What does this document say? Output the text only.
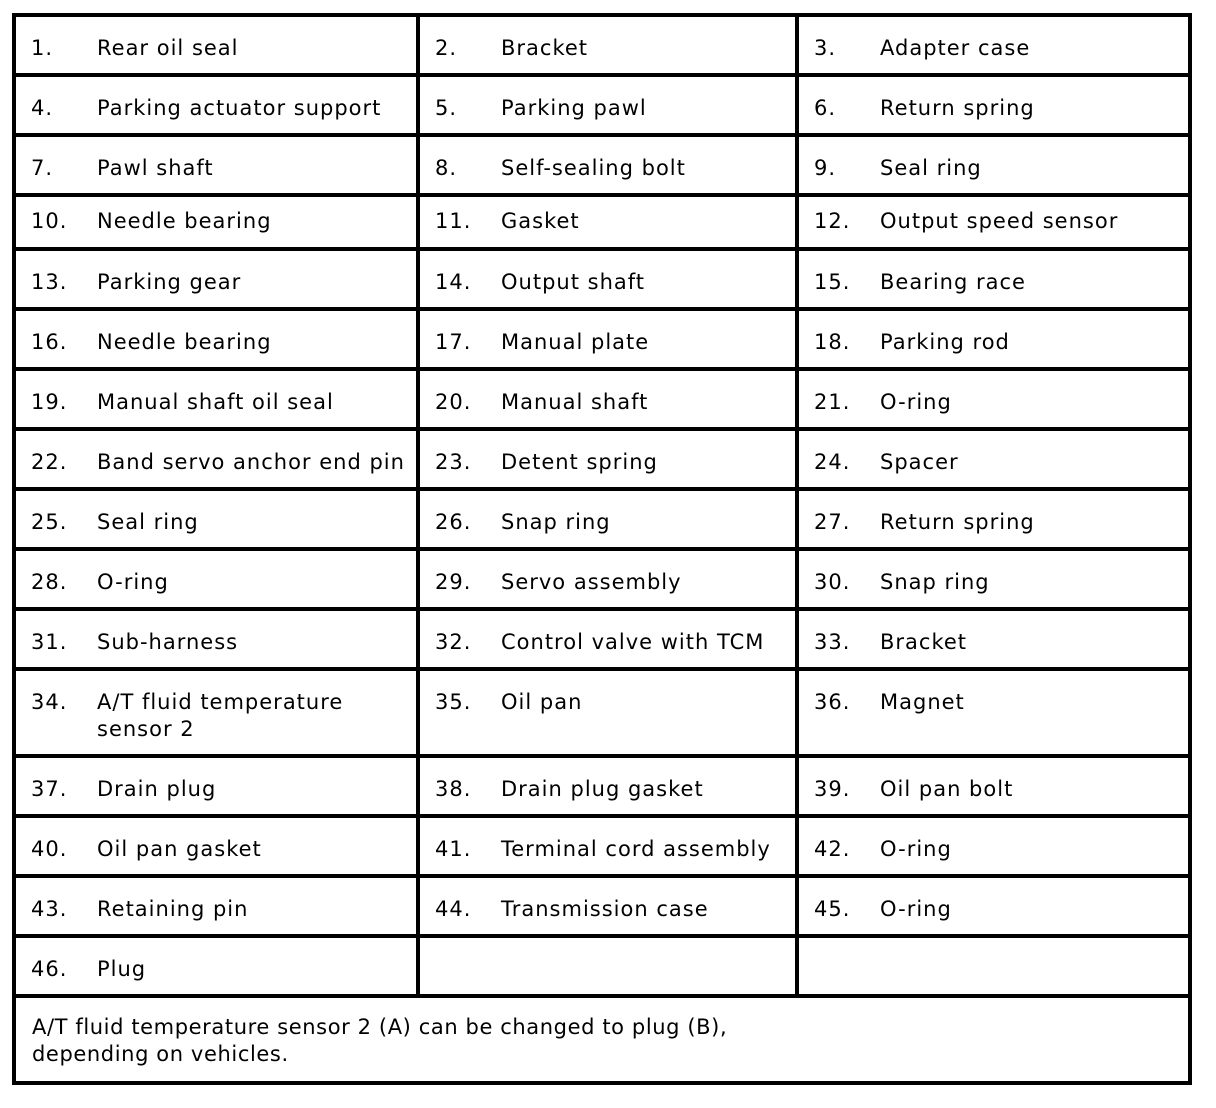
1. Rear oil seal	2. Bracket	3. Adapter case

4. Parking actuator support	5. Parking pawl	6. Return spring

7. Pawl shaft	8. Self-sealing bolt	9. Seal ring

10. Needle bearing	11. Gasket	12. Output speed sensor

13. Parking gear	14. Output shaft	15. Bearing race

16. Needle bearing	17. Manual plate	18. Parking rod

19. Manual shaft oil seal	20. Manual shaft	21. O-ring

22. Band servo anchor end pin	23. Detent spring	24. Spacer

25. Seal ring	26. Snap ring	27. Return spring

28. O-ring	29. Servo assembly	30. Snap ring

31. Sub-harness	32. Control valve with TCM	33. Bracket

34. A/T fluid temperature sensor 2	35. Oil pan	36. Magnet

37. Drain plug	38. Drain plug gasket	39. Oil pan bolt

40. Oil pan gasket	41. Terminal cord assembly	42. O-ring

43. Retaining pin	44. Transmission case	45. O-ring

46. Plug		

A/T fluid temperature sensor 2 (A) can be changed to plug (B), depending on vehicles.		
